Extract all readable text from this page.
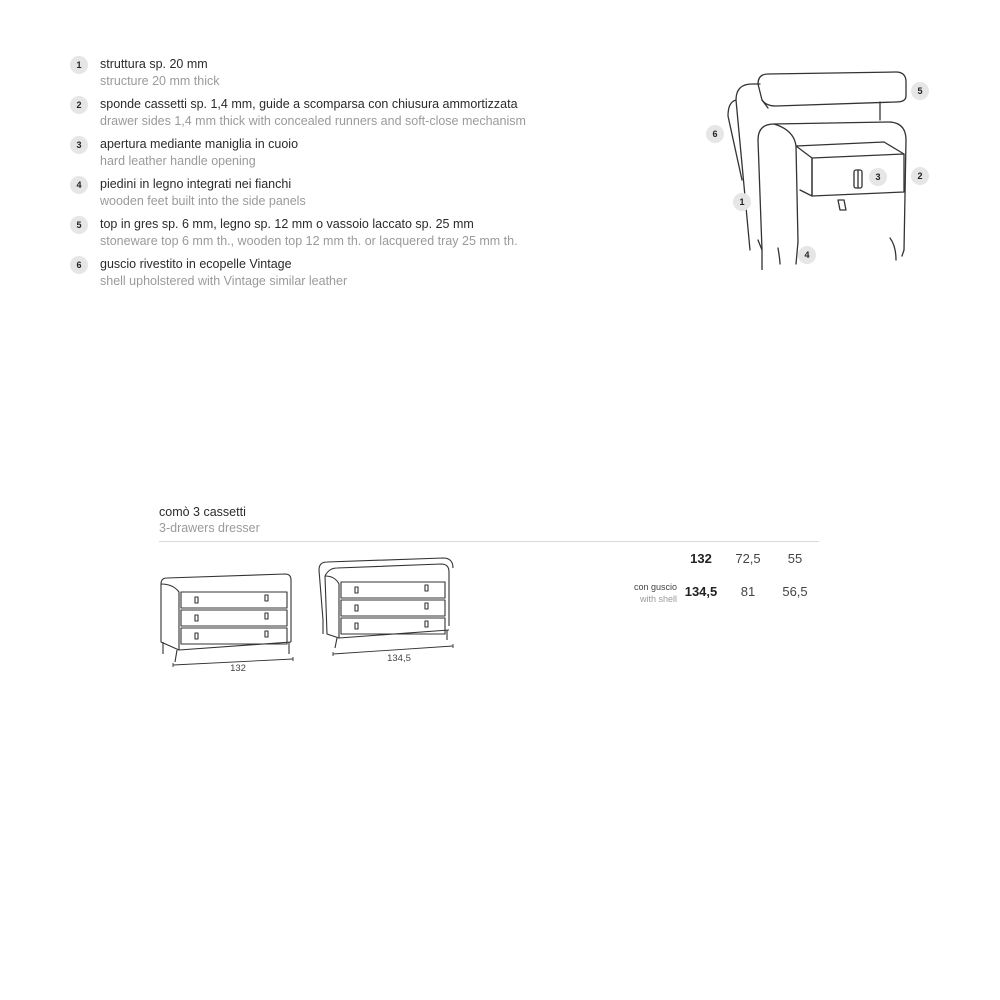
1	struttura sp. 20 mm
structure 20 mm thick
2	sponde cassetti sp. 1,4 mm, guide a scomparsa con chiusura ammortizzata
drawer sides 1,4 mm thick with concealed runners and soft-close mechanism
3	apertura mediante maniglia in cuoio
hard leather handle opening
4	piedini in legno integrati nei fianchi
wooden feet built into the side panels
5	top in gres sp. 6 mm, legno sp. 12 mm o vassoio laccato sp. 25 mm
stoneware top 6 mm th., wooden top 12 mm th. or lacquered tray 25 mm th.
6	guscio rivestito in ecopelle Vintage
shell upholstered with Vintage similar leather
5
6
3	2
1
4
comò 3 cassetti
3-drawers dresser
132
134,5
132	72,5	55
con guscio
with shell 134,5	81	56,5
